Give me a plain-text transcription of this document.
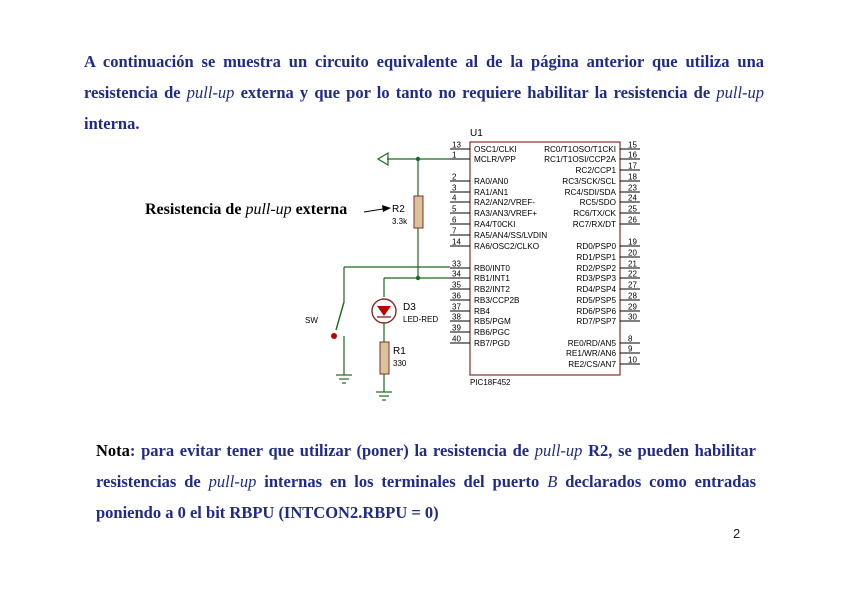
A continuación se muestra un circuito equivalente al de la página anterior que utiliza una
resistencia de pull-up externa y que por lo tanto no requiere habilitar la resistencia de pull-up
interna.
Resistencia de pull-up externa
U1
PIC18F452
13 OSC1/CLKI
1 MCLR/VPP
2 RA0/AN0
3 RA1/AN1
4 RA2/AN2/VREF-
5 RA3/AN3/VREF+
6 RA4/T0CKI
7 RA5/AN4/SS/LVDIN
14 RA6/OSC2/CLKO
33 RB0/INT0
34 RB1/INT1
35 RB2/INT2
36 RB3/CCP2B
37 RB4
38 RB5/PGM
39 RB6/PGC
40 RB7/PGD
15
RC0/T1OSO/T1CKI
16
RC1/T1OSI/CCP2A
17
RC2/CCP1
18
RC3/SCK/SCL
23
RC4/SDI/SDA
24
RC5/SDO
25
RC6/TX/CK
26
RC7/RX/DT
19
RD0/PSP0
20
RD1/PSP1
21
RD2/PSP2
22
RD3/PSP3
27
RD4/PSP4
28
RD5/PSP5
29
RD6/PSP6
30
RD7/PSP7
8
RE0/RD/AN5
9
RE1/WR/AN6
10
RE2/CS/AN7
R2
3.3k
SW
D3
LED-RED
R1
330
Nota: para evitar tener que utilizar (poner) la resistencia de pull-up R2, se pueden habilitar
resistencias de pull-up internas en los terminales del puerto B declarados como entradas
poniendo a 0 el bit RBPU (INTCON2.RBPU = 0)
2
